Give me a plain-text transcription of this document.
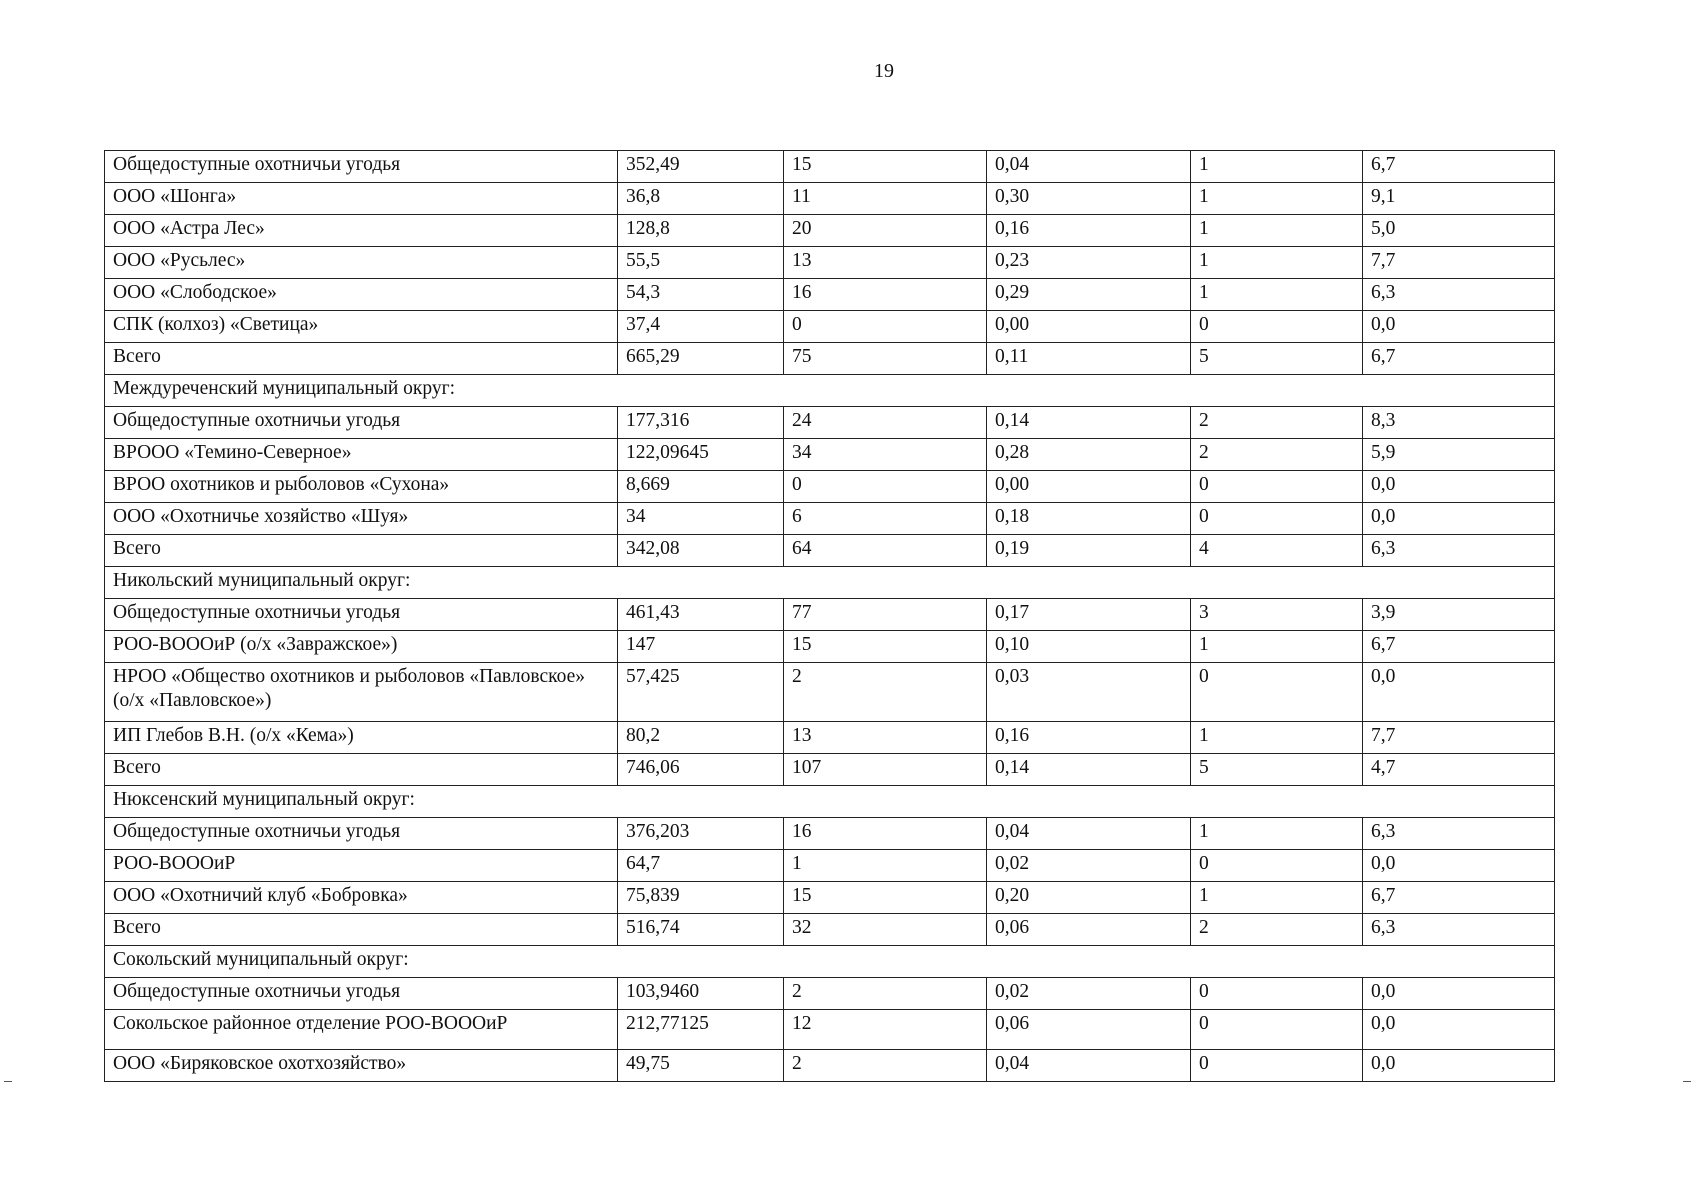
19
Общедоступные охотничьи угодья	352,49	15	0,04	1	6,7
ООО «Шонга»	36,8	11	0,30	1	9,1
ООО «Астра Лес»	128,8	20	0,16	1	5,0
ООО «Русьлес»	55,5	13	0,23	1	7,7
ООО «Слободское»	54,3	16	0,29	1	6,3
СПК (колхоз) «Светица»	37,4	0	0,00	0	0,0
Всего	665,29	75	0,11	5	6,7
Междуреченский муниципальный округ:					
Общедоступные охотничьи угодья	177,316	24	0,14	2	8,3
ВРООО «Темино-Северное»	122,09645	34	0,28	2	5,9
ВРОО охотников и рыболовов «Сухона»	8,669	0	0,00	0	0,0
ООО «Охотничье хозяйство «Шуя»	34	6	0,18	0	0,0
Всего	342,08	64	0,19	4	6,3
Никольский муниципальный округ:					
Общедоступные охотничьи угодья	461,43	77	0,17	3	3,9
РОО-ВОООиР (о/х «Завражское»)	147	15	0,10	1	6,7
НРОО «Общество охотников и рыболовов «Павловское» (о/х «Павловское»)	57,425	2	0,03	0	0,0
ИП Глебов В.Н. (о/х «Кема»)	80,2	13	0,16	1	7,7
Всего	746,06	107	0,14	5	4,7
Нюксенский муниципальный округ:					
Общедоступные охотничьи угодья	376,203	16	0,04	1	6,3
РОО-ВОООиР	64,7	1	0,02	0	0,0
ООО «Охотничий клуб «Бобровка»	75,839	15	0,20	1	6,7
Всего	516,74	32	0,06	2	6,3
Сокольский муниципальный округ:					
Общедоступные охотничьи угодья	103,9460	2	0,02	0	0,0
Сокольское районное отделение РОО-ВОООиР	212,77125	12	0,06	0	0,0
ООО «Биряковское охотхозяйство»	49,75	2	0,04	0	0,0
